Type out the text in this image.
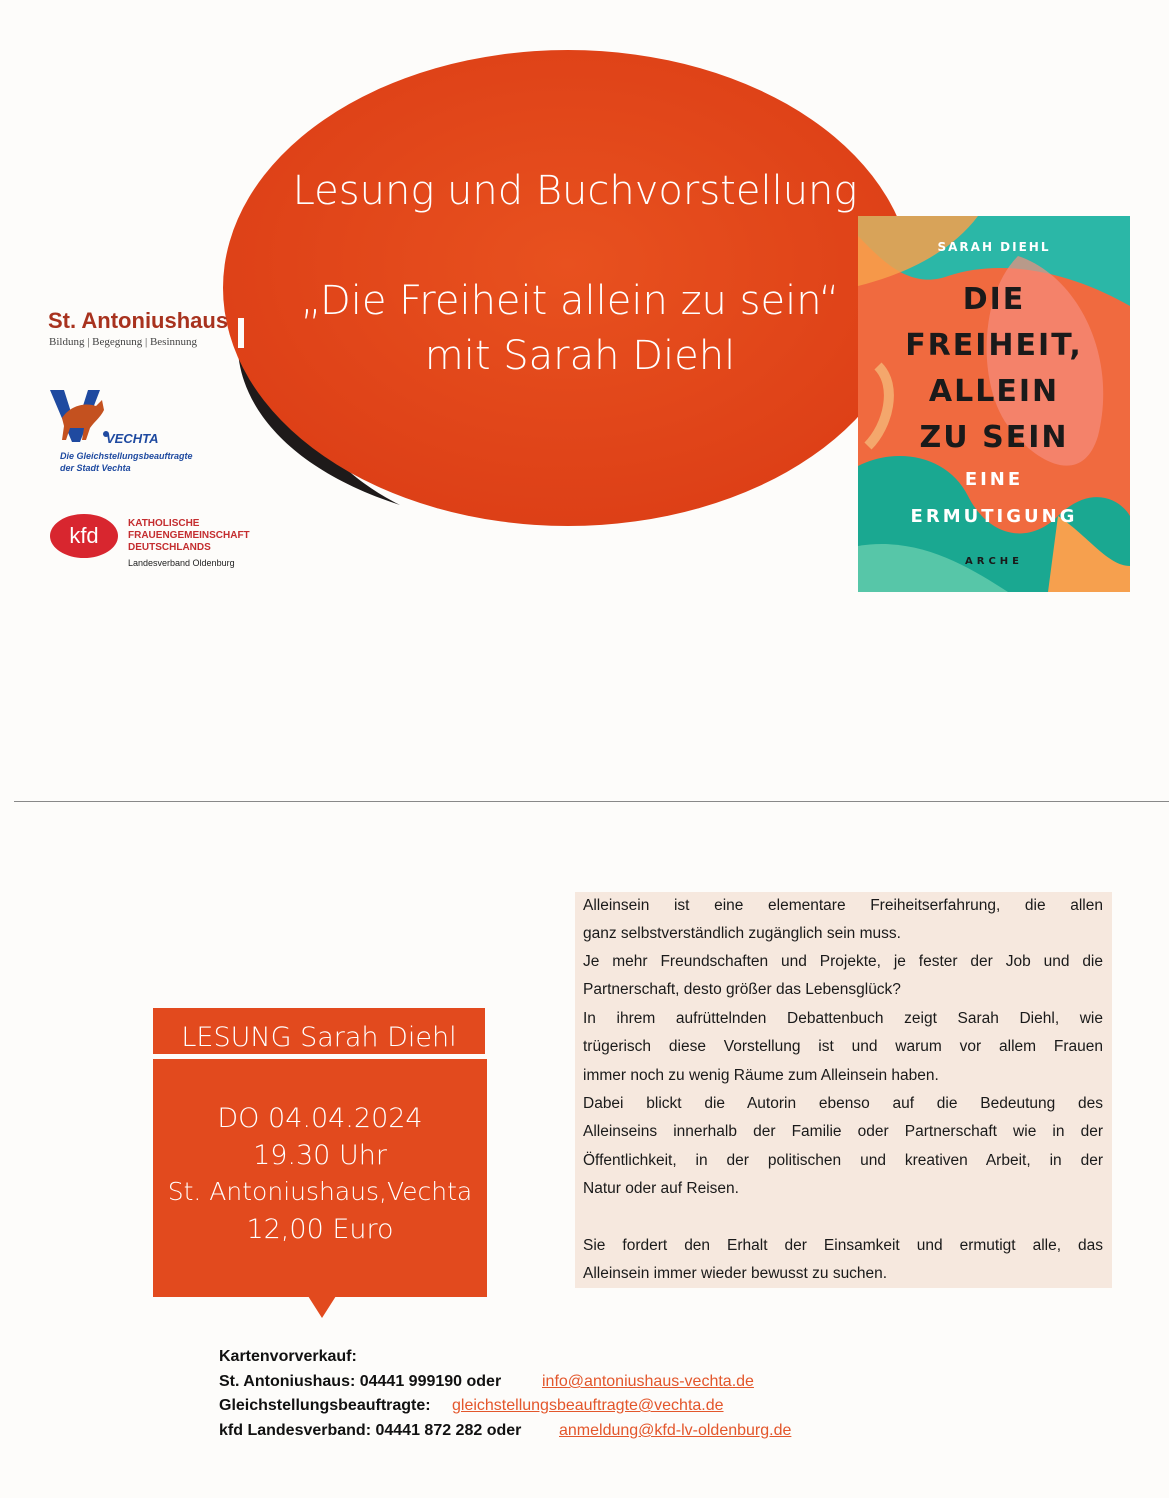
Lesung und Buchvorstellung
„Die Freiheit allein zu sein“
mit Sarah Diehl
St. Antoniushaus
Bildung | Begegnung | Besinnung
VECHTA
Die Gleichstellungsbeauftragte
der Stadt Vechta
kfd	KATHOLISCHE
FRAUENGEMEINSCHAFT
DEUTSCHLANDS
Landesverband Oldenburg
SARAH DIEHL
DIE
FREIHEIT,
ALLEIN
ZU SEIN
EINE
ERMUTIGUNG
ARCHE
LESUNG Sarah Diehl
DO 04.04.2024
19.30 Uhr
St. Antoniushaus,Vechta
12,00 Euro
Alleinsein ist eine elementare Freiheitserfahrung, die allen
ganz selbstverständlich zugänglich sein muss.
Je mehr Freundschaften und Projekte, je fester der Job und die
Partnerschaft, desto größer das Lebensglück?
In ihrem aufrüttelnden Debattenbuch zeigt Sarah Diehl, wie
trügerisch diese Vorstellung ist und warum vor allem Frauen
immer noch zu wenig Räume zum Alleinsein haben.
Dabei blickt die Autorin ebenso auf die Bedeutung des
Alleinseins innerhalb der Familie oder Partnerschaft wie in der
Öffentlichkeit, in der politischen und kreativen Arbeit, in der
Natur oder auf Reisen.
Sie fordert den Erhalt der Einsamkeit und ermutigt alle, das
Alleinsein immer wieder bewusst zu suchen.
Kartenvorverkauf:
St. Antoniushaus: 04441 999190 oder	info@antoniushaus-vechta.de
Gleichstellungsbeauftragte: gleichstellungsbeauftragte@vechta.de
kfd Landesverband: 04441 872 282 oder anmeldung@kfd-lv-oldenburg.de
